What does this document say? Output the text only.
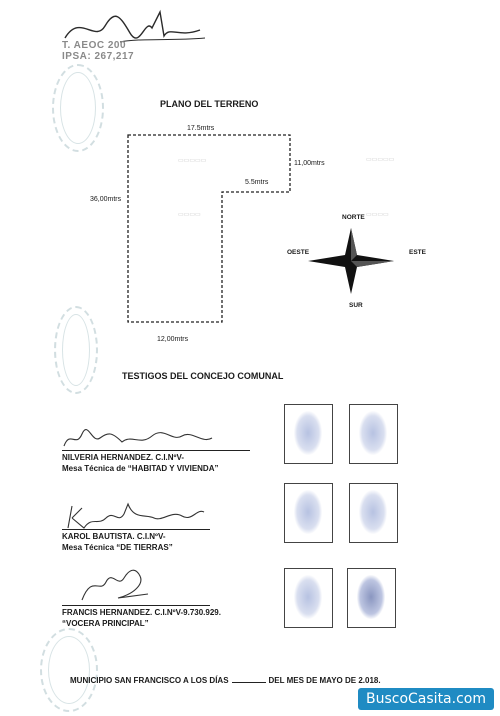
▭▭▭▭▭	▭▭▭▭▭
▭▭▭▭	▭▭▭▭
T. AEOC 200
IPSA: 267,217
PLANO DEL TERRENO
17.5mtrs
11,00mtrs
5.5mtrs
36,00mtrs
12,00mtrs
NORTE
SUR
ESTE
OESTE
TESTIGOS DEL CONCEJO COMUNAL
NILVERIA HERNANDEZ. C.I.NºV-
Mesa Técnica de “HABITAD Y VIVIENDA”
KAROL BAUTISTA. C.I.NºV-
Mesa Técnica “DE TIERRAS”
FRANCIS HERNANDEZ. C.I.NºV-9.730.929.
“VOCERA PRINCIPAL”
MUNICIPIO SAN FRANCISCO A LOS DÍAS	DEL MES DE MAYO DE 2.018.
BuscoCasita.com
